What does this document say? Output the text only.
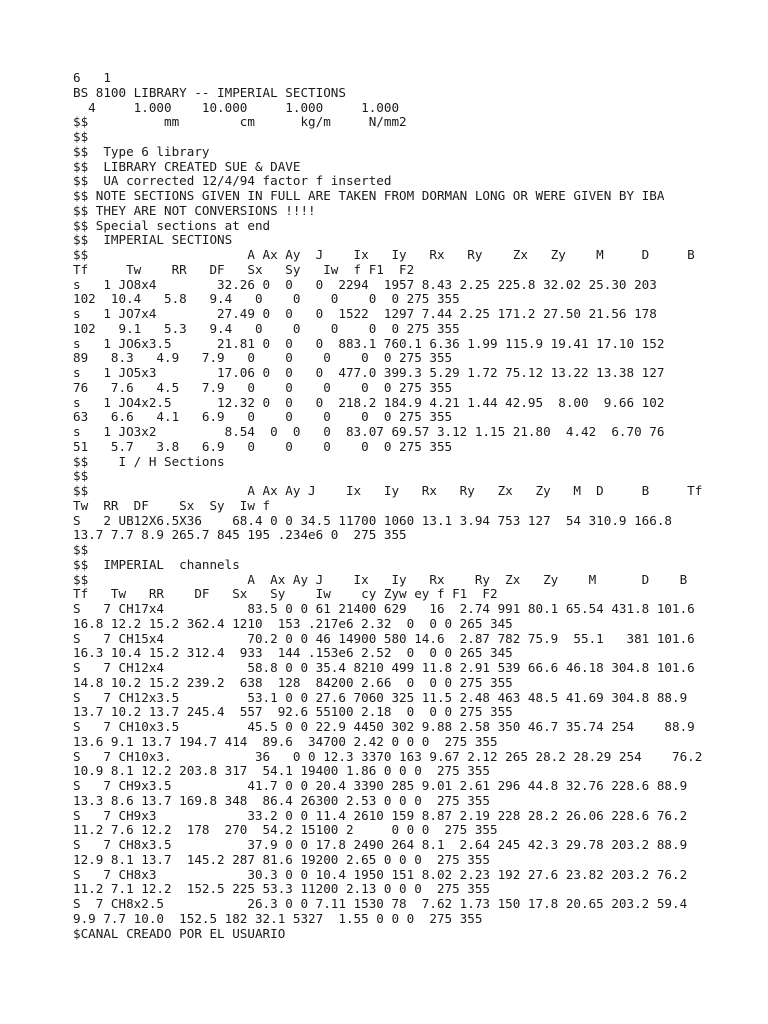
6   1
BS 8100 LIBRARY -- IMPERIAL SECTIONS
4     1.000    10.000     1.000     1.000
$$          mm        cm      kg/m     N/mm2
$$
$$  Type 6 library
$$  LIBRARY CREATED SUE & DAVE
$$  UA corrected 12/4/94 factor f inserted
$$ NOTE SECTIONS GIVEN IN FULL ARE TAKEN FROM DORMAN LONG OR WERE GIVEN BY IBA
$$ THEY ARE NOT CONVERSIONS !!!!
$$ Special sections at end
$$  IMPERIAL SECTIONS
$$                     A Ax Ay  J    Ix   Iy   Rx   Ry    Zx   Zy    M     D     B
Tf     Tw    RR   DF   Sx   Sy   Iw  f F1  F2
s   1 JO8x4        32.26 0  0   0  2294  1957 8.43 2.25 225.8 32.02 25.30 203
102  10.4   5.8   9.4   0    0    0    0  0 275 355
s   1 JO7x4        27.49 0  0   0  1522  1297 7.44 2.25 171.2 27.50 21.56 178
102   9.1   5.3   9.4   0    0    0    0  0 275 355
s   1 JO6x3.5      21.81 0  0   0  883.1 760.1 6.36 1.99 115.9 19.41 17.10 152
89   8.3   4.9   7.9   0    0    0    0  0 275 355
s   1 JO5x3        17.06 0  0   0  477.0 399.3 5.29 1.72 75.12 13.22 13.38 127
76   7.6   4.5   7.9   0    0    0    0  0 275 355
s   1 JO4x2.5      12.32 0  0   0  218.2 184.9 4.21 1.44 42.95  8.00  9.66 102
63   6.6   4.1   6.9   0    0    0    0  0 275 355
s   1 JO3x2         8.54  0  0   0  83.07 69.57 3.12 1.15 21.80  4.42  6.70 76
51   5.7   3.8   6.9   0    0    0    0  0 275 355
$$    I / H Sections
$$
$$                     A Ax Ay J    Ix   Iy   Rx   Ry   Zx   Zy   M  D     B     Tf
Tw  RR  DF    Sx  Sy  Iw f
S   2 UB12X6.5X36    68.4 0 0 34.5 11700 1060 13.1 3.94 753 127  54 310.9 166.8
13.7 7.7 8.9 265.7 845 195 .234e6 0  275 355
$$
$$  IMPERIAL  channels
$$                     A  Ax Ay J    Ix   Iy   Rx    Ry  Zx   Zy    M      D    B
Tf   Tw   RR    DF   Sx   Sy    Iw    cy Zyw ey f F1  F2
S   7 CH17x4           83.5 0 0 61 21400 629   16  2.74 991 80.1 65.54 431.8 101.6
16.8 12.2 15.2 362.4 1210  153 .217e6 2.32  0  0 0 265 345
S   7 CH15x4           70.2 0 0 46 14900 580 14.6  2.87 782 75.9  55.1   381 101.6
16.3 10.4 15.2 312.4  933  144 .153e6 2.52  0  0 0 265 345
S   7 CH12x4           58.8 0 0 35.4 8210 499 11.8 2.91 539 66.6 46.18 304.8 101.6
14.8 10.2 15.2 239.2  638  128  84200 2.66  0  0 0 275 355
S   7 CH12x3.5         53.1 0 0 27.6 7060 325 11.5 2.48 463 48.5 41.69 304.8 88.9
13.7 10.2 13.7 245.4  557  92.6 55100 2.18  0  0 0 275 355
S   7 CH10x3.5         45.5 0 0 22.9 4450 302 9.88 2.58 350 46.7 35.74 254    88.9
13.6 9.1 13.7 194.7 414  89.6  34700 2.42 0 0 0  275 355
S   7 CH10x3.           36   0 0 12.3 3370 163 9.67 2.12 265 28.2 28.29 254    76.2
10.9 8.1 12.2 203.8 317  54.1 19400 1.86 0 0 0  275 355
S   7 CH9x3.5          41.7 0 0 20.4 3390 285 9.01 2.61 296 44.8 32.76 228.6 88.9
13.3 8.6 13.7 169.8 348  86.4 26300 2.53 0 0 0  275 355
S   7 CH9x3            33.2 0 0 11.4 2610 159 8.87 2.19 228 28.2 26.06 228.6 76.2
11.2 7.6 12.2  178  270  54.2 15100 2     0 0 0  275 355
S   7 CH8x3.5          37.9 0 0 17.8 2490 264 8.1  2.64 245 42.3 29.78 203.2 88.9
12.9 8.1 13.7  145.2 287 81.6 19200 2.65 0 0 0  275 355
S   7 CH8x3            30.3 0 0 10.4 1950 151 8.02 2.23 192 27.6 23.82 203.2 76.2
11.2 7.1 12.2  152.5 225 53.3 11200 2.13 0 0 0  275 355
S  7 CH8x2.5           26.3 0 0 7.11 1530 78  7.62 1.73 150 17.8 20.65 203.2 59.4
9.9 7.7 10.0  152.5 182 32.1 5327  1.55 0 0 0  275 355
$CANAL CREADO POR EL USUARIO
